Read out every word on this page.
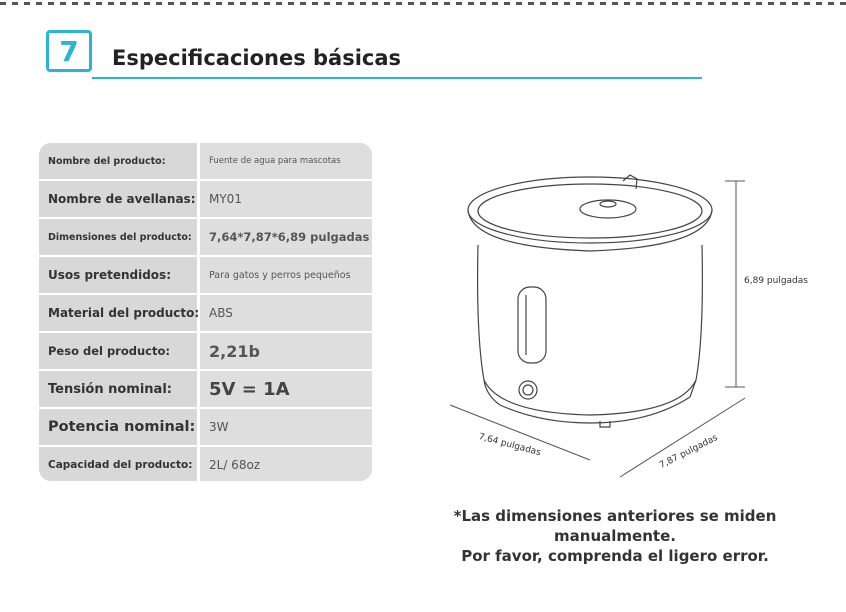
7	Especificaciones básicas
Nombre del producto:	Fuente de agua para mascotas
Nombre de avellanas:	MY01
Dimensiones del producto:	7,64*7,87*6,89 pulgadas
Usos pretendidos:	Para gatos y perros pequeños
Material del producto: ABS
Peso del producto:	2,21b
Tensión nominal:	5V = 1A
Potencia nominal:	3W
Capacidad del producto:	2L/ 68oz
6,89 pulgadas
7,64 pulgadas	7,87 pulgadas
*Las dimensiones anteriores se miden manualmente.
Por favor, comprenda el ligero error.
